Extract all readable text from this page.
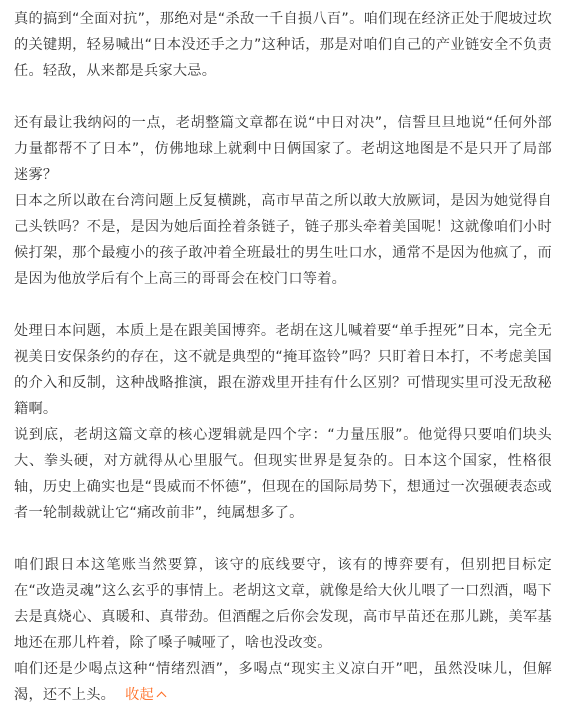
真的搞到“全面对抗”，那绝对是“杀敌一千自损八百”。咱们现在经济正处于爬坡过坎的关键期，轻易喊出“日本没还手之力”这种话，那是对咱们自己的产业链安全不负责任。轻敌，从来都是兵家大忌。

还有最让我纳闷的一点，老胡整篇文章都在说“中日对决”，信誓旦旦地说“任何外部力量都帮不了日本”，仿佛地球上就剩中日俩国家了。老胡这地图是不是只开了局部迷雾？

日本之所以敢在台湾问题上反复横跳，高市早苗之所以敢大放厥词，是因为她觉得自己头铁吗？不是，是因为她后面拴着条链子，链子那头牵着美国呢！这就像咱们小时候打架，那个最瘦小的孩子敢冲着全班最壮的男生吐口水，通常不是因为他疯了，而是因为他放学后有个上高三的哥哥会在校门口等着。

处理日本问题，本质上是在跟美国博弈。老胡在这儿喊着要“单手捏死”日本，完全无视美日安保条约的存在，这不就是典型的“掩耳盗铃”吗？只盯着日本打，不考虑美国的介入和反制，这种战略推演，跟在游戏里开挂有什么区别？可惜现实里可没无敌秘籍啊。

说到底，老胡这篇文章的核心逻辑就是四个字：“力量压服”。他觉得只要咱们块头大、拳头硬，对方就得从心里服气。但现实世界是复杂的。日本这个国家，性格很轴，历史上确实也是“畏威而不怀德”，但现在的国际局势下，想通过一次强硬表态或者一轮制裁就让它“痛改前非”，纯属想多了。

咱们跟日本这笔账当然要算，该守的底线要守，该有的博弈要有，但别把目标定在“改造灵魂”这么玄乎的事情上。老胡这文章，就像是给大伙儿喂了一口烈酒，喝下去是真烧心、真暖和、真带劲。但酒醒之后你会发现，高市早苗还在那儿跳，美军基地还在那儿杵着，除了嗓子喊哑了，啥也没改变。

咱们还是少喝点这种“情绪烈酒”，多喝点“现实主义凉白开”吧，虽然没味儿，但解渴，还不上头。 收起
